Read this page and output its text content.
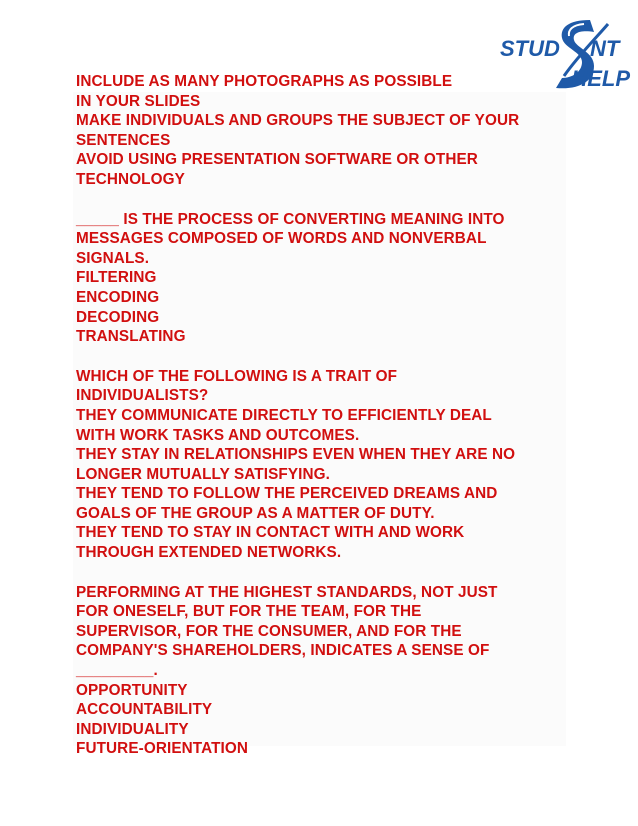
STUD NT
-HELP
INCLUDE AS MANY PHOTOGRAPHS AS POSSIBLE
IN YOUR SLIDES
MAKE INDIVIDUALS AND GROUPS THE SUBJECT OF YOUR
SENTENCES
AVOID USING PRESENTATION SOFTWARE OR OTHER
TECHNOLOGY
_____ IS THE PROCESS OF CONVERTING MEANING INTO
MESSAGES COMPOSED OF WORDS AND NONVERBAL
SIGNALS.
FILTERING
ENCODING
DECODING
TRANSLATING
WHICH OF THE FOLLOWING IS A TRAIT OF
INDIVIDUALISTS?
THEY COMMUNICATE DIRECTLY TO EFFICIENTLY DEAL
WITH WORK TASKS AND OUTCOMES.
THEY STAY IN RELATIONSHIPS EVEN WHEN THEY ARE NO
LONGER MUTUALLY SATISFYING.
THEY TEND TO FOLLOW THE PERCEIVED DREAMS AND
GOALS OF THE GROUP AS A MATTER OF DUTY.
THEY TEND TO STAY IN CONTACT WITH AND WORK
THROUGH EXTENDED NETWORKS.
PERFORMING AT THE HIGHEST STANDARDS, NOT JUST
FOR ONESELF, BUT FOR THE TEAM, FOR THE
SUPERVISOR, FOR THE CONSUMER, AND FOR THE
COMPANY'S SHAREHOLDERS, INDICATES A SENSE OF
_________.
OPPORTUNITY
ACCOUNTABILITY
INDIVIDUALITY
FUTURE-ORIENTATION
